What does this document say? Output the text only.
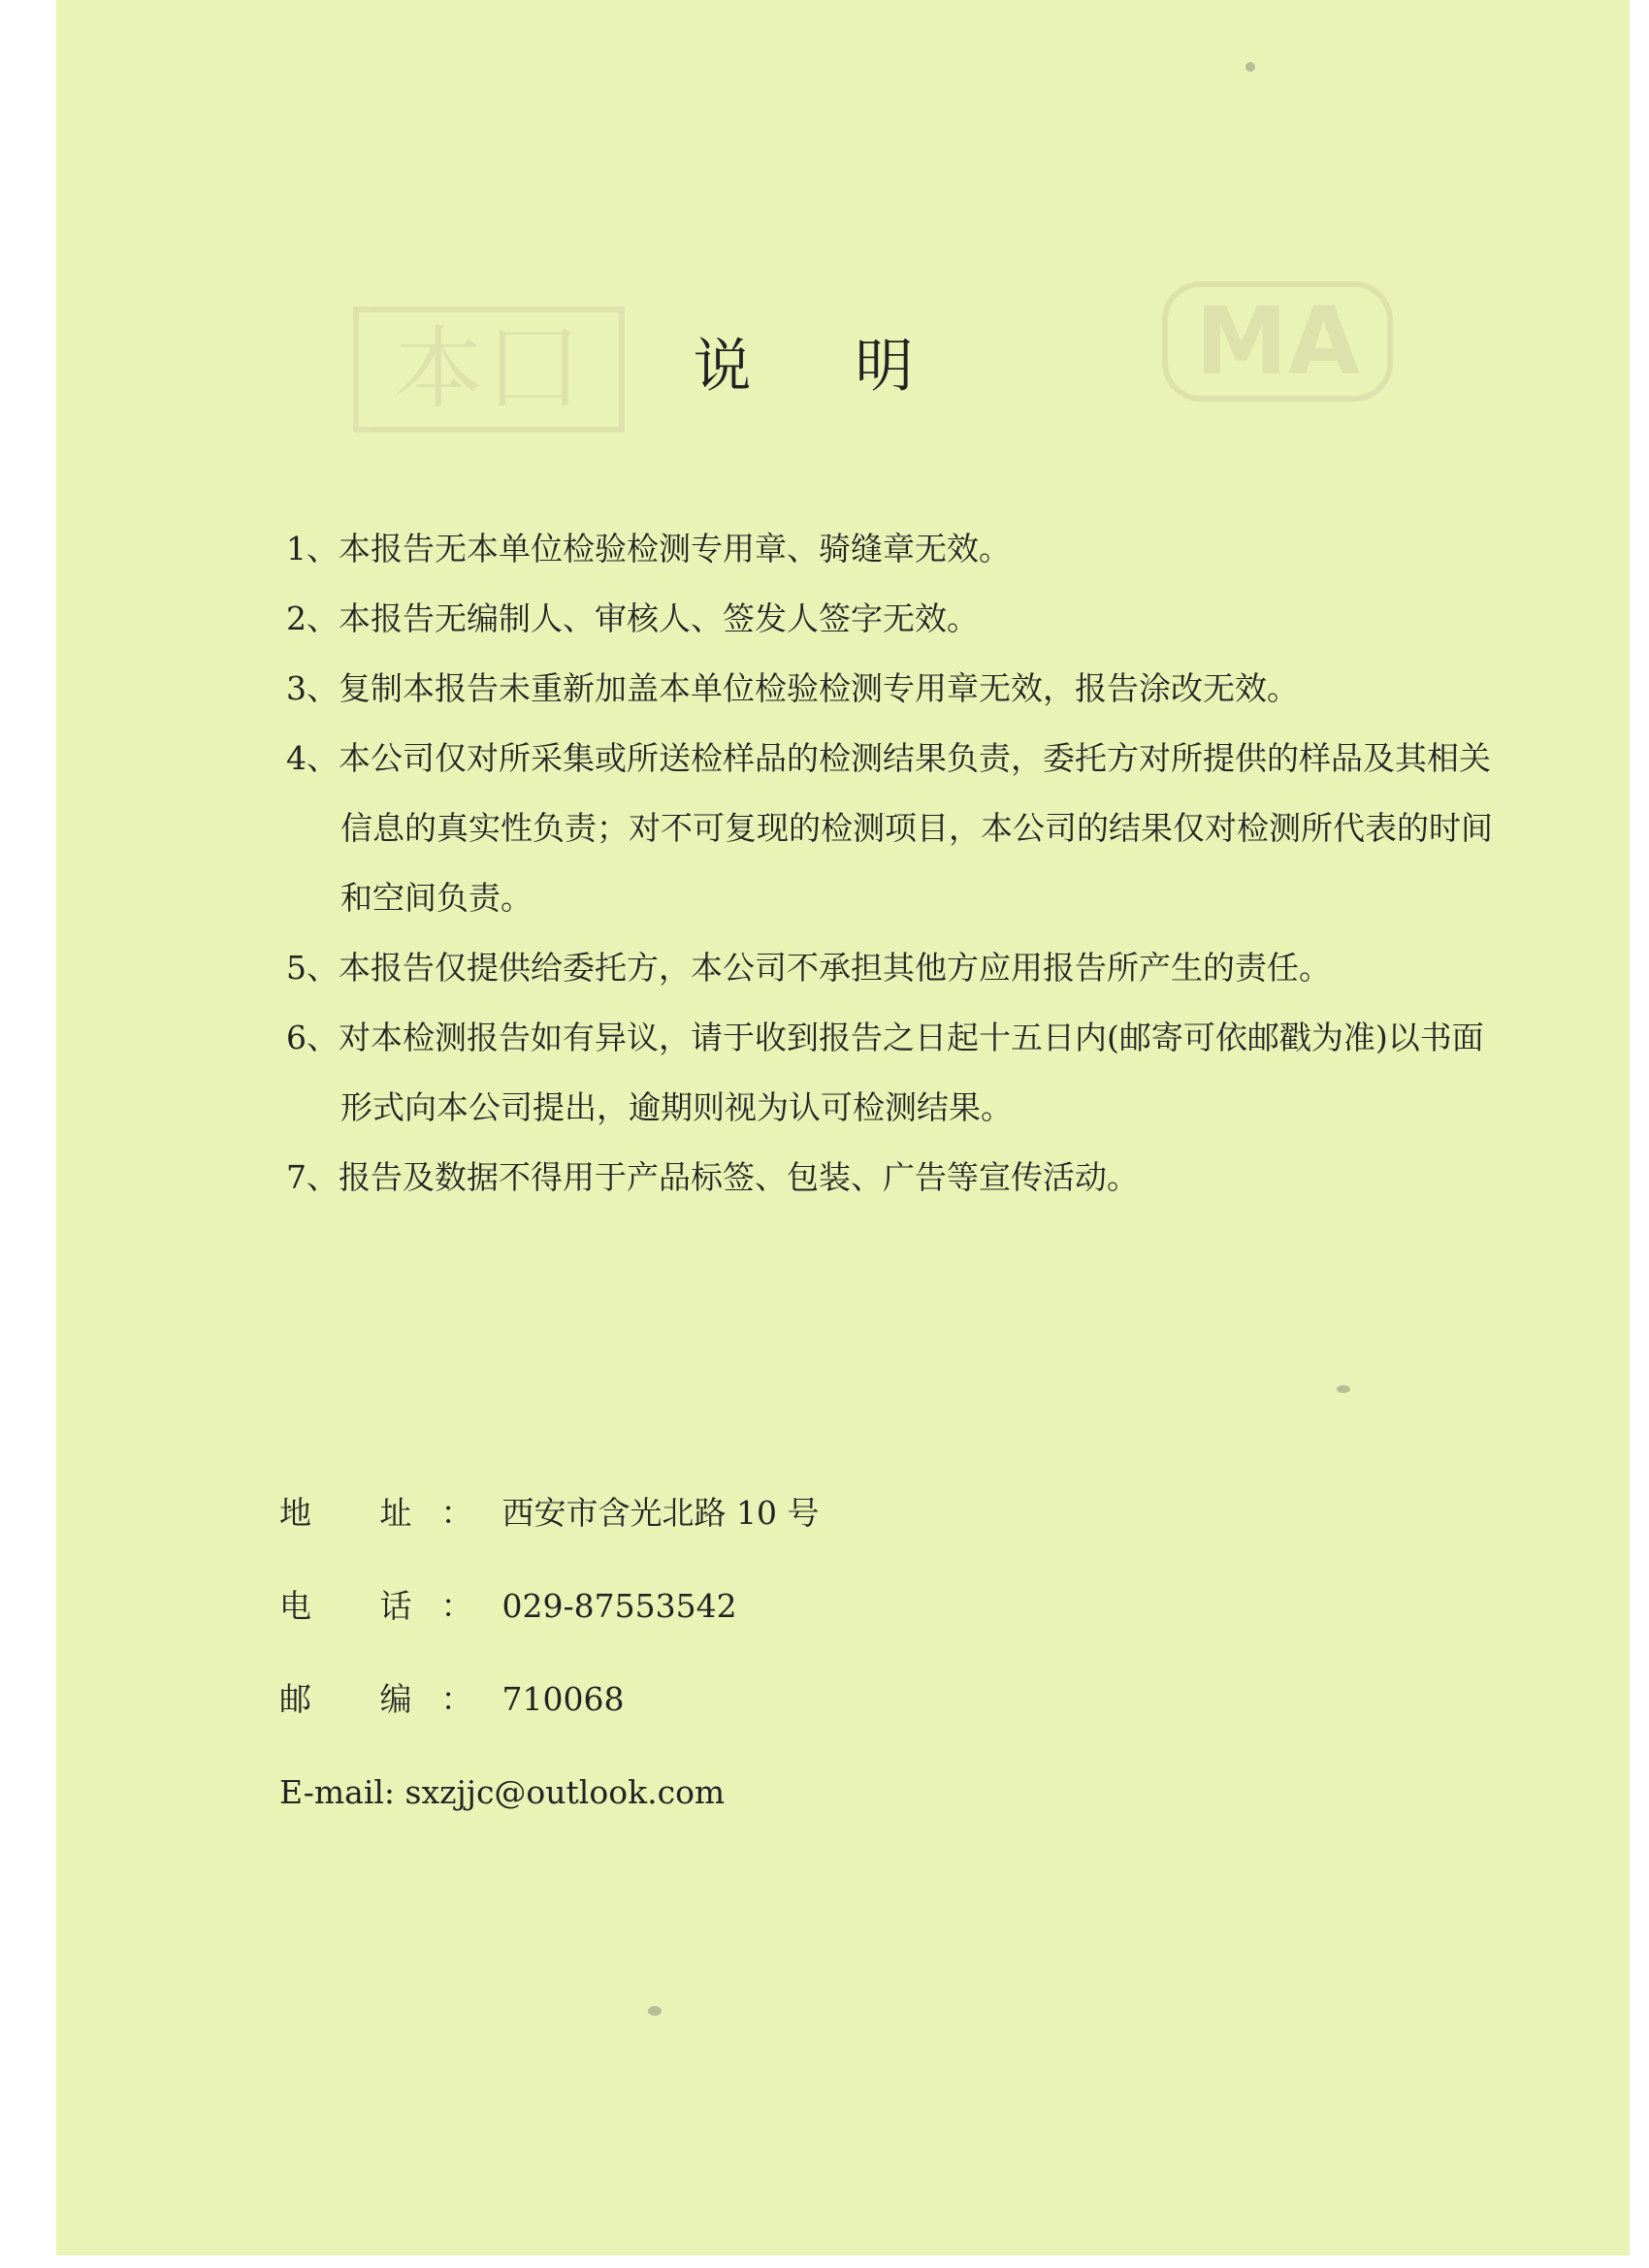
本囗	MA
说 明
1、本报告无本单位检验检测专用章、骑缝章无效。
2、本报告无编制人、审核人、签发人签字无效。
3、复制本报告未重新加盖本单位检验检测专用章无效，报告涂改无效。
4、本公司仅对所采集或所送检样品的检测结果负责，委托方对所提供的样品及其相关信息的真实性负责；对不可复现的检测项目，本公司的结果仅对检测所代表的时间和空间负责。
5、本报告仅提供给委托方，本公司不承担其他方应用报告所产生的责任。
6、对本检测报告如有异议，请于收到报告之日起十五日内(邮寄可依邮戳为准)以书面形式向本公司提出，逾期则视为认可检测结果。
7、报告及数据不得用于产品标签、包装、广告等宣传活动。
地 址：西安市含光北路 10 号
电 话：029-87553542
邮 编：710068
E-mail: sxzjjc@outlook.com
